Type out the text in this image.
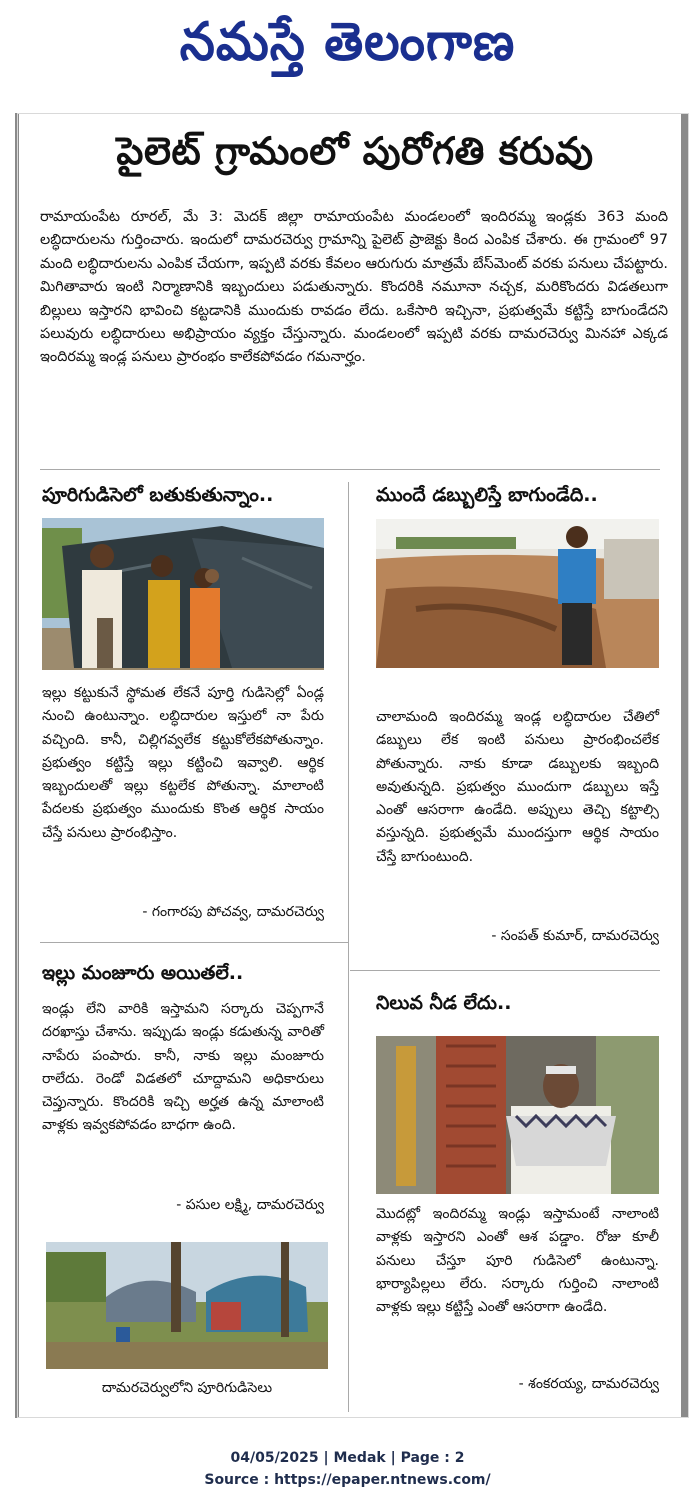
నమస్తే తెలంగాణ
పైలెట్ గ్రామంలో పురోగతి కరువు
రామాయంపేట రూరల్, మే 3: మెదక్ జిల్లా రామాయంపేట మండలంలో ఇందిరమ్మ ఇండ్లకు 363 మంది లబ్ధిదారులను గుర్తించారు. ఇందులో దామరచెర్వు గ్రామాన్ని పైలెట్ ప్రాజెక్టు కింద ఎంపిక చేశారు. ఈ గ్రామంలో 97 మంది లబ్ధిదారులను ఎంపిక చేయగా, ఇప్పటి వరకు కేవలం ఆరుగురు మాత్రమే బేస్‌మెంట్ వరకు పనులు చేపట్టారు. మిగితావారు ఇంటి నిర్మాణానికి ఇబ్బందులు పడుతున్నారు. కొందరికి నమూనా నచ్చక, మరికొందరు విడతలుగా బిల్లులు ఇస్తారని భావించి కట్టడానికి ముందుకు రావడం లేదు. ఒకేసారి ఇచ్చినా, ప్రభుత్వమే కట్టిస్తే బాగుండేదని పలువురు లబ్ధిదారులు అభిప్రాయం వ్యక్తం చేస్తున్నారు. మండలంలో ఇప్పటి వరకు దామరచెర్వు మినహా ఎక్కడ ఇందిరమ్మ ఇండ్ల పనులు ప్రారంభం కాలేకపోవడం గమనార్హం.
పూరిగుడిసెలో బతుకుతున్నాం..
ఇల్లు కట్టుకునే స్థోమత లేకనే పూర్తి గుడిసెల్లో ఏండ్ల నుంచి ఉంటున్నాం. లబ్ధిదారుల ఇస్తులో నా పేరు వచ్చింది. కానీ, చిల్లిగవ్వలేక కట్టుకోలేకపోతున్నాం. ప్రభుత్వం కట్టిస్తే ఇల్లు కట్టించి ఇవ్వాలి. ఆర్థిక ఇబ్బందులతో ఇల్లు కట్టలేక పోతున్నా. మాలాంటి పేదలకు ప్రభుత్వం ముందుకు కొంత ఆర్థిక సాయం చేస్తే పనులు ప్రారంభిస్తాం.
- గంగారపు పోచవ్వ, దామరచెర్వు
ముందే డబ్బులిస్తే బాగుండేది..
చాలామంది ఇందిరమ్మ ఇండ్ల లబ్ధిదారుల చేతిలో డబ్బులు లేక ఇంటి పనులు ప్రారంభించలేక పోతున్నారు. నాకు కూడా డబ్బులకు ఇబ్బంది అవుతున్నది. ప్రభుత్వం ముందుగా డబ్బులు ఇస్తే ఎంతో ఆసరాగా ఉండేది. అప్పులు తెచ్చి కట్టాల్సి వస్తున్నది. ప్రభుత్వమే ముందస్తుగా ఆర్థిక సాయం చేస్తే బాగుంటుంది.
- సంపత్ కుమార్, దామరచెర్వు
ఇల్లు మంజూరు అయితలే..
ఇండ్లు లేని వారికి ఇస్తామని సర్కారు చెప్పగానే దరఖాస్తు చేశాను. ఇప్పుడు ఇండ్లు కడుతున్న వారితో నాపేరు పంపారు. కానీ, నాకు ఇల్లు మంజూరు రాలేదు. రెండో విడతలో చూద్దామని అధికారులు చెప్తున్నారు. కొందరికి ఇచ్చి అర్హత ఉన్న మాలాంటి వాళ్లకు ఇవ్వకపోవడం బాధగా ఉంది.
- పసుల లక్ష్మి, దామరచెర్వు
దామరచెర్వులోని పూరిగుడిసెలు
నిలువ నీడ లేదు..
మొదట్లో ఇందిరమ్మ ఇండ్లు ఇస్తామంటే నాలాంటి వాళ్లకు ఇస్తారని ఎంతో ఆశ పడ్డాం. రోజు కూలీ పనులు చేస్తూ పూరి గుడిసెలో ఉంటున్నా. భార్యాపిల్లలు లేరు. సర్కారు గుర్తించి నాలాంటి వాళ్లకు ఇల్లు కట్టిస్తే ఎంతో ఆసరాగా ఉండేది.
- శంకరయ్య, దామరచెర్వు
04/05/2025 | Medak | Page : 2
Source : https://epaper.ntnews.com/
